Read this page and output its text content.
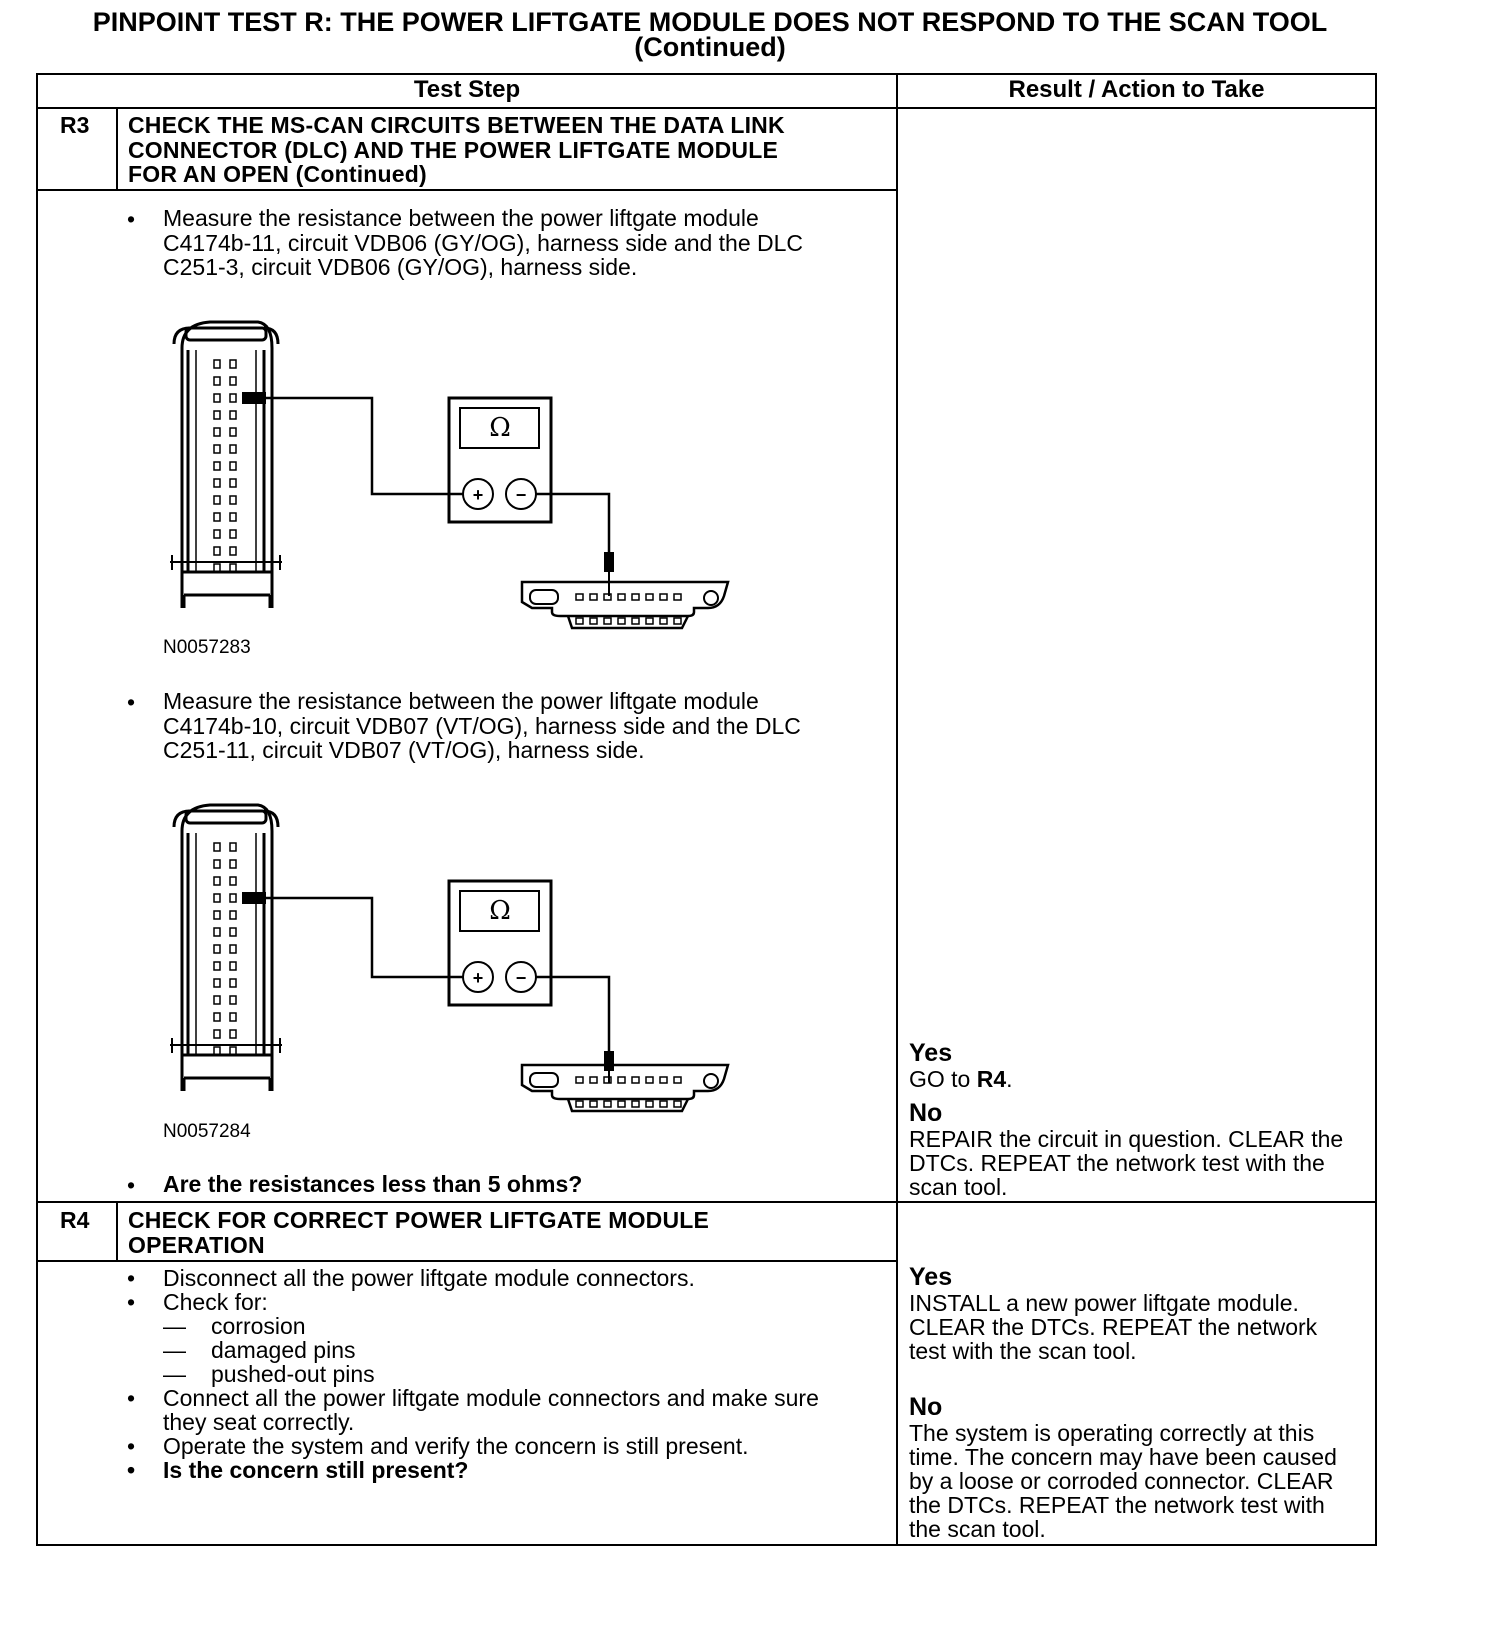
PINPOINT TEST R: THE POWER LIFTGATE MODULE DOES NOT RESPOND TO THE SCAN TOOL
(Continued)
Test Step	Result / Action to Take
R3 CHECK THE MS-CAN CIRCUITS BETWEEN THE DATA LINK
CONNECTOR (DLC) AND THE POWER LIFTGATE MODULE
FOR AN OPEN (Continued)
• Measure the resistance between the power liftgate module
C4174b-11, circuit VDB06 (GY/OG), harness side and the DLC
C251-3, circuit VDB06 (GY/OG), harness side.
Ω
+ −
N0057283
• Measure the resistance between the power liftgate module
C4174b-10, circuit VDB07 (VT/OG), harness side and the DLC
C251-11, circuit VDB07 (VT/OG), harness side.
Ω
+ −
N0057284
• Are the resistances less than 5 ohms?
Yes
GO to R4.
No
REPAIR the circuit in question. CLEAR the
DTCs. REPEAT the network test with the
scan tool.
R4 CHECK FOR CORRECT POWER LIFTGATE MODULE
OPERATION
• Disconnect all the power liftgate module connectors.
• Check for:
— corrosion
— damaged pins
— pushed-out pins
• Connect all the power liftgate module connectors and make sure
they seat correctly.
• Operate the system and verify the concern is still present.
• Is the concern still present?
Yes
INSTALL a new power liftgate module.
CLEAR the DTCs. REPEAT the network
test with the scan tool.
No
The system is operating correctly at this
time. The concern may have been caused
by a loose or corroded connector. CLEAR
the DTCs. REPEAT the network test with
the scan tool.
